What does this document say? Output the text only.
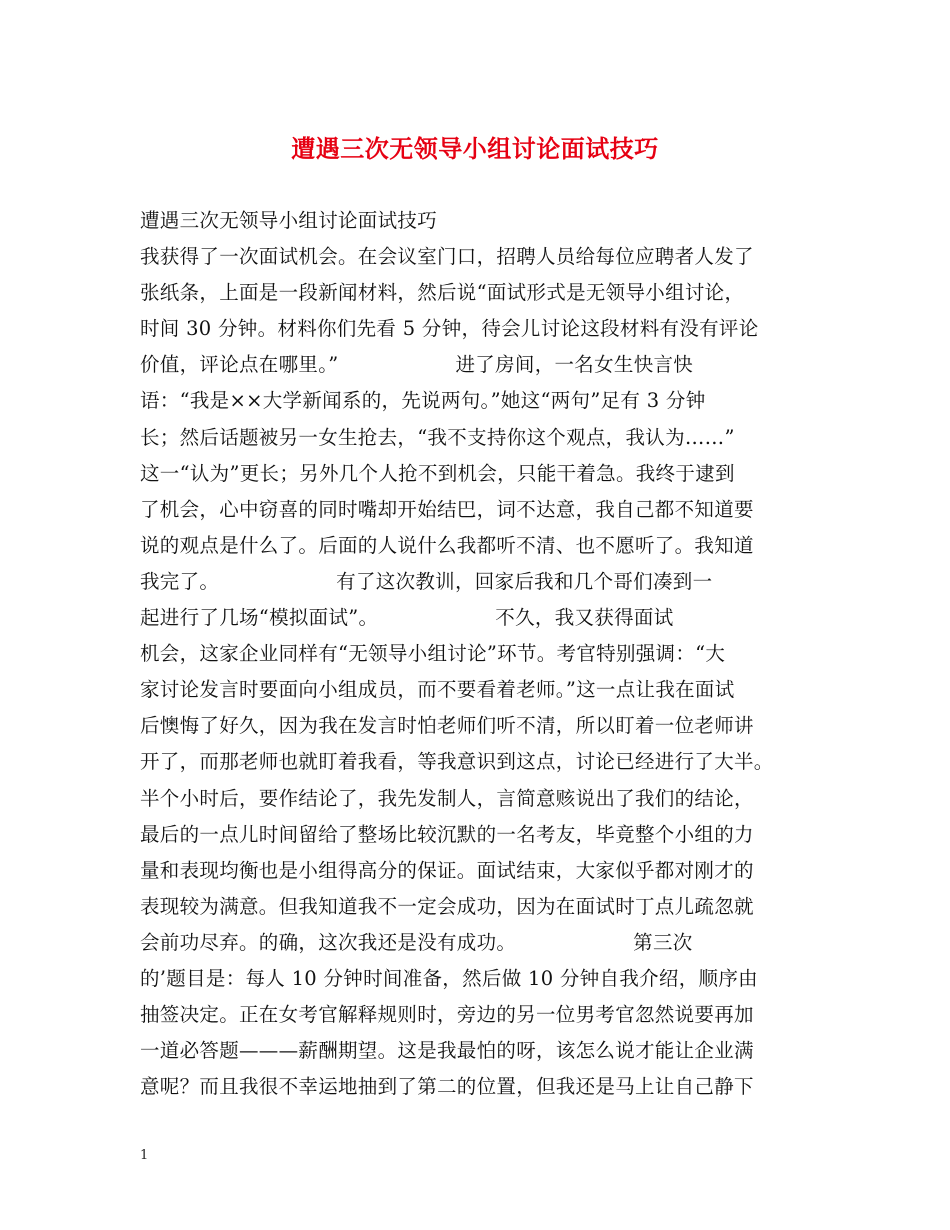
遭遇三次无领导小组讨论面试技巧
遭遇三次无领导小组讨论面试技巧
我获得了一次面试机会。在会议室门口，招聘人员给每位应聘者人发了
张纸条，上面是一段新闻材料，然后说“面试形式是无领导小组讨论，
时间 30 分钟。材料你们先看 5 分钟，待会儿讨论这段材料有没有评论
价值，评论点在哪里。”                  进了房间，一名女生快言快
语：“我是××大学新闻系的，先说两句。”她这“两句”足有 3 分钟
长；然后话题被另一女生抢去，“我不支持你这个观点，我认为……”
这一“认为”更长；另外几个人抢不到机会，只能干着急。我终于逮到
了机会，心中窃喜的同时嘴却开始结巴，词不达意，我自己都不知道要
说的观点是什么了。后面的人说什么我都听不清、也不愿听了。我知道
我完了。                  有了这次教训，回家后我和几个哥们凑到一
起进行了几场“模拟面试”。                  不久，我又获得面试
机会，这家企业同样有“无领导小组讨论”环节。考官特别强调：“大
家讨论发言时要面向小组成员，而不要看着老师。”这一点让我在面试
后懊悔了好久，因为我在发言时怕老师们听不清，所以盯着一位老师讲
开了，而那老师也就盯着我看，等我意识到这点，讨论已经进行了大半。
半个小时后，要作结论了，我先发制人，言简意赅说出了我们的结论，
最后的一点儿时间留给了整场比较沉默的一名考友，毕竟整个小组的力
量和表现均衡也是小组得高分的保证。面试结束，大家似乎都对刚才的
表现较为满意。但我知道我不一定会成功，因为在面试时丁点儿疏忽就
会前功尽弃。的确，这次我还是没有成功。                  第三次
的’题目是：每人 10 分钟时间准备，然后做 10 分钟自我介绍，顺序由
抽签决定。正在女考官解释规则时，旁边的另一位男考官忽然说要再加
一道必答题———薪酬期望。这是我最怕的呀，该怎么说才能让企业满
意呢？而且我很不幸运地抽到了第二的位置，但我还是马上让自己静下
1
